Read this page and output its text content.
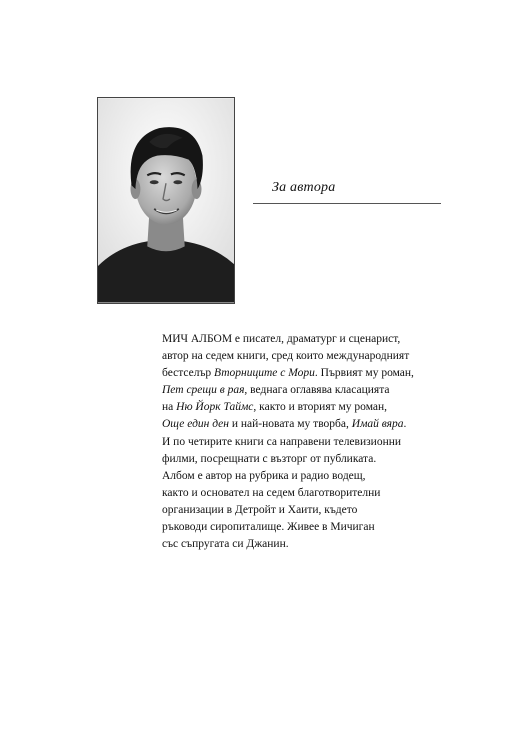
За автора
МИЧ АЛБОМ е писател, драматург и сценарист,
автор на седем книги, сред които международният
бестселър Вторниците с Мори. Първият му роман,
Пет срещи в рая, веднага оглавява класацията
на Ню Йорк Таймс, както и вторият му роман,
Още един ден и най-новата му творба, Имай вяра.
И по четирите книги са направени телевизионни
филми, посрещнати с възторг от публиката.
Албом е автор на рубрика и радио водещ,
както и основател на седем благотворителни
организации в Детройт и Хаити, където
ръководи сиропиталище. Живее в Мичиган
със съпругата си Джанин.
